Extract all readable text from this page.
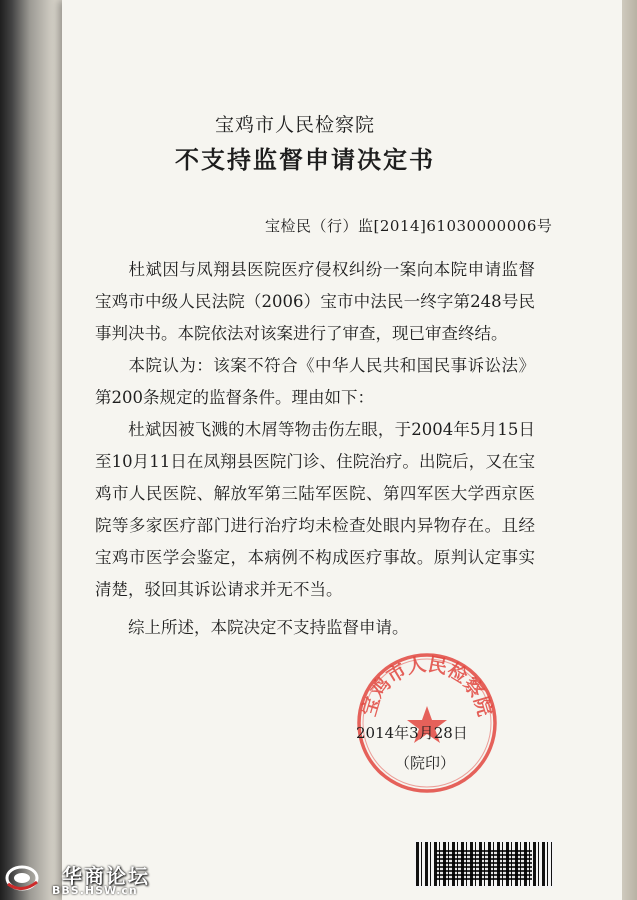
宝鸡市人民检察院
不支持监督申请决定书
宝检民（行）监[2014]61030000006号
杜斌因与凤翔县医院医疗侵权纠纷一案向本院申请监督宝鸡市中级人民法院（2006）宝市中法民一终字第248号民事判决书。本院依法对该案进行了审查，现已审查终结。
本院认为：该案不符合《中华人民共和国民事诉讼法》第200条规定的监督条件。理由如下：
杜斌因被飞溅的木屑等物击伤左眼，于2004年5月15日至10月11日在凤翔县医院门诊、住院治疗。出院后，又在宝鸡市人民医院、解放军第三陆军医院、第四军医大学西京医院等多家医疗部门进行治疗均未检查处眼内异物存在。且经宝鸡市医学会鉴定，本病例不构成医疗事故。原判认定事实清楚，驳回其诉讼请求并无不当。
综上所述，本院决定不支持监督申请。
宝鸡市人民检察院
2014年3月28日
（院印）
华商论坛
BBS.HSW.cn
